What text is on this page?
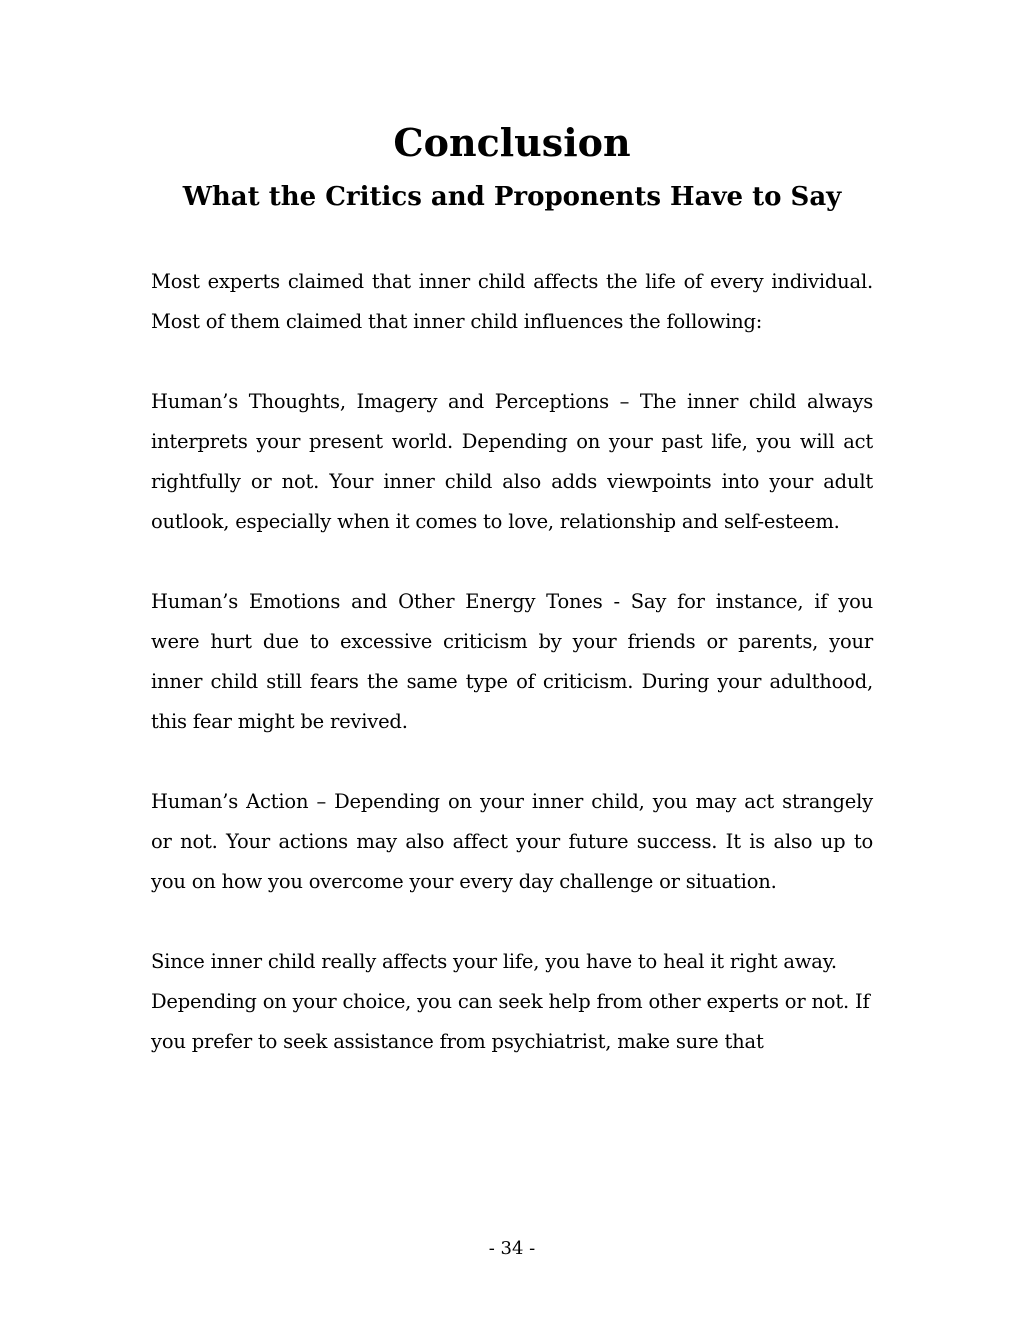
Conclusion
What the Critics and Proponents Have to Say

Most experts claimed that inner child affects the life of every individual. Most of them claimed that inner child influences the following:

Human’s Thoughts, Imagery and Perceptions – The inner child always interprets your present world. Depending on your past life, you will act rightfully or not. Your inner child also adds viewpoints into your adult outlook, especially when it comes to love, relationship and self-esteem.

Human’s Emotions and Other Energy Tones - Say for instance, if you were hurt due to excessive criticism by your friends or parents, your inner child still fears the same type of criticism. During your adulthood, this fear might be revived.

Human’s Action – Depending on your inner child, you may act strangely or not. Your actions may also affect your future success. It is also up to you on how you overcome your every day challenge or situation.

Since inner child really affects your life, you have to heal it right away. Depending on your choice, you can seek help from other experts or not. If you prefer to seek assistance from psychiatrist, make sure that

- 34 -
